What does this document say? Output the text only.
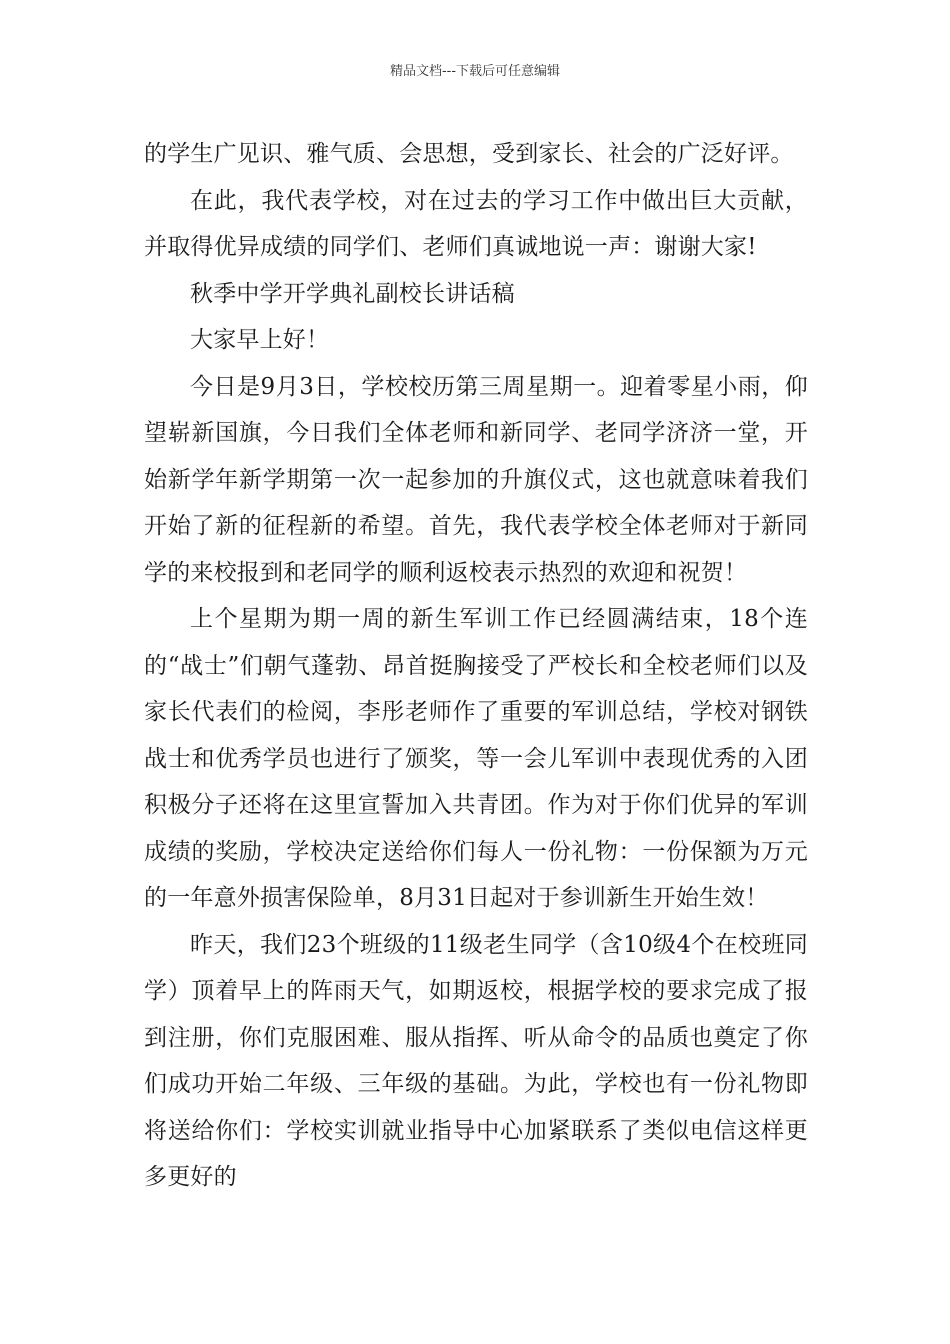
精品文档---下载后可任意编辑

的学生广见识、雅气质、会思想，受到家长、社会的广泛好评。

在此，我代表学校，对在过去的学习工作中做出巨大贡献，并取得优异成绩的同学们、老师们真诚地说一声：谢谢大家!

秋季中学开学典礼副校长讲话稿

大家早上好！

今日是9月3日，学校校历第三周星期一。迎着零星小雨，仰望崭新国旗，今日我们全体老师和新同学、老同学济济一堂，开始新学年新学期第一次一起参加的升旗仪式，这也就意味着我们开始了新的征程新的希望。首先，我代表学校全体老师对于新同学的来校报到和老同学的顺利返校表示热烈的欢迎和祝贺！

上个星期为期一周的新生军训工作已经圆满结束，18个连的“战士”们朝气蓬勃、昂首挺胸接受了严校长和全校老师们以及家长代表们的检阅，李彤老师作了重要的军训总结，学校对钢铁战士和优秀学员也进行了颁奖，等一会儿军训中表现优秀的入团积极分子还将在这里宣誓加入共青团。作为对于你们优异的军训成绩的奖励，学校决定送给你们每人一份礼物：一份保额为万元的一年意外损害保险单，8月31日起对于参训新生开始生效！

昨天，我们23个班级的11级老生同学（含10级4个在校班同学）顶着早上的阵雨天气，如期返校，根据学校的要求完成了报到注册，你们克服困难、服从指挥、听从命令的品质也奠定了你们成功开始二年级、三年级的基础。为此，学校也有一份礼物即将送给你们：学校实训就业指导中心加紧联系了类似电信这样更多更好的
